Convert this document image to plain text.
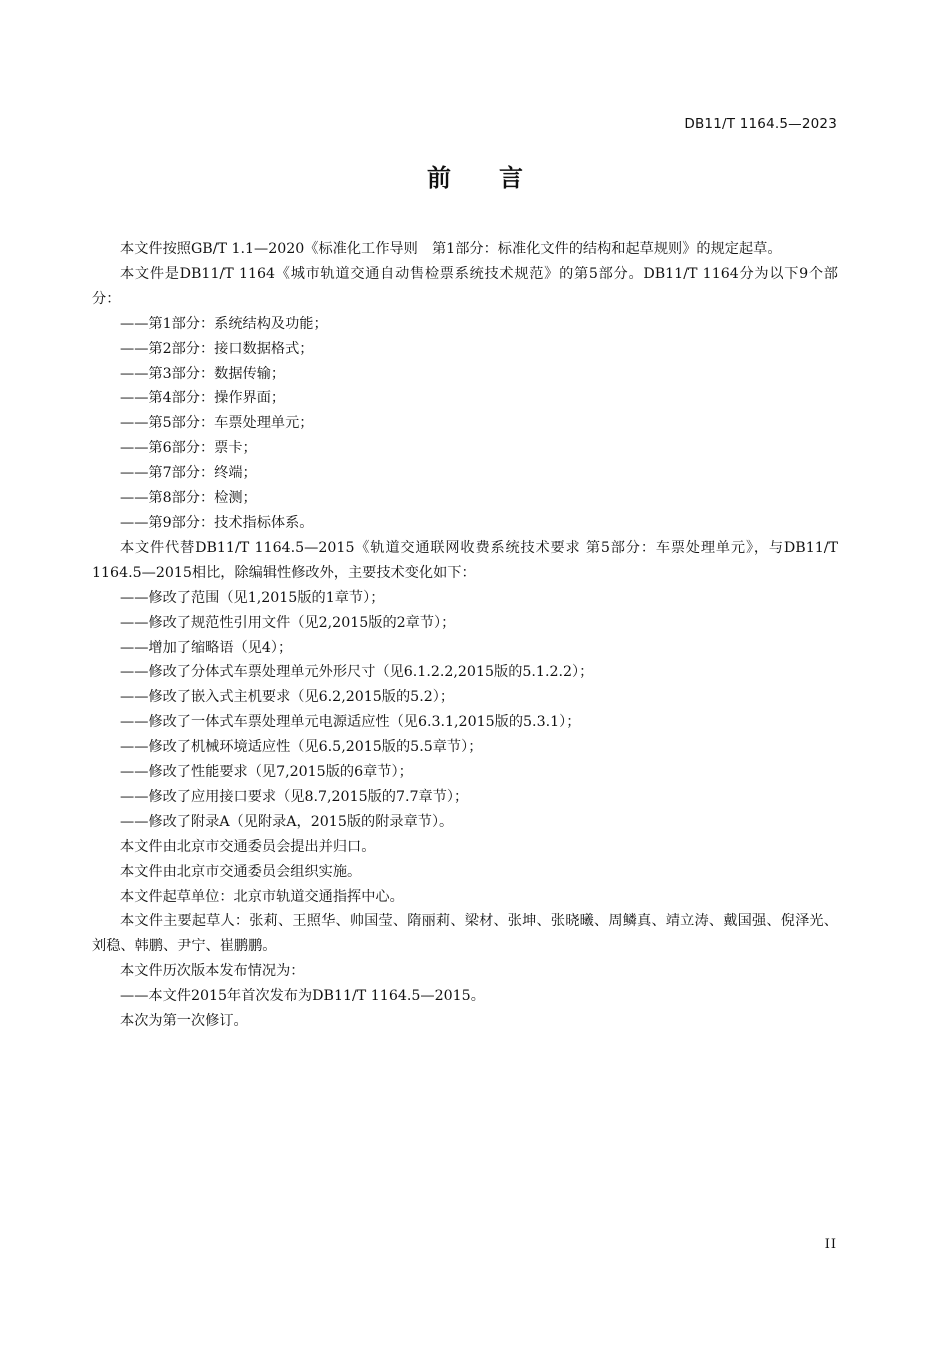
DB11/T 1164.5—2023
前 言

本文件按照GB/T 1.1—2020《标准化工作导则　第1部分：标准化文件的结构和起草规则》的规定起草。

本文件是DB11/T 1164《城市轨道交通自动售检票系统技术规范》的第5部分。DB11/T 1164分为以下9个部分：

——第1部分：系统结构及功能；

——第2部分：接口数据格式；

——第3部分：数据传输；

——第4部分：操作界面；

——第5部分：车票处理单元；

——第6部分：票卡；

——第7部分：终端；

——第8部分：检测；

——第9部分：技术指标体系。

本文件代替DB11/T 1164.5—2015《轨道交通联网收费系统技术要求 第5部分：车票处理单元》，与DB11/T 1164.5—2015相比，除编辑性修改外，主要技术变化如下：

——修改了范围（见1,2015版的1章节）；

——修改了规范性引用文件（见2,2015版的2章节）；

——增加了缩略语（见4）；

——修改了分体式车票处理单元外形尺寸（见6.1.2.2,2015版的5.1.2.2）；

——修改了嵌入式主机要求（见6.2,2015版的5.2）；

——修改了一体式车票处理单元电源适应性（见6.3.1,2015版的5.3.1）；

——修改了机械环境适应性（见6.5,2015版的5.5章节）；

——修改了性能要求（见7,2015版的6章节）；

——修改了应用接口要求（见8.7,2015版的7.7章节）；

——修改了附录A（见附录A，2015版的附录章节）。

本文件由北京市交通委员会提出并归口。

本文件由北京市交通委员会组织实施。

本文件起草单位：北京市轨道交通指挥中心。

本文件主要起草人：张莉、王照华、帅国莹、隋丽莉、梁材、张坤、张晓曦、周鳞真、靖立涛、戴国强、倪泽光、刘稳、韩鹏、尹宁、崔鹏鹏。

本文件历次版本发布情况为：

——本文件2015年首次发布为DB11/T 1164.5—2015。

本次为第一次修订。

II
